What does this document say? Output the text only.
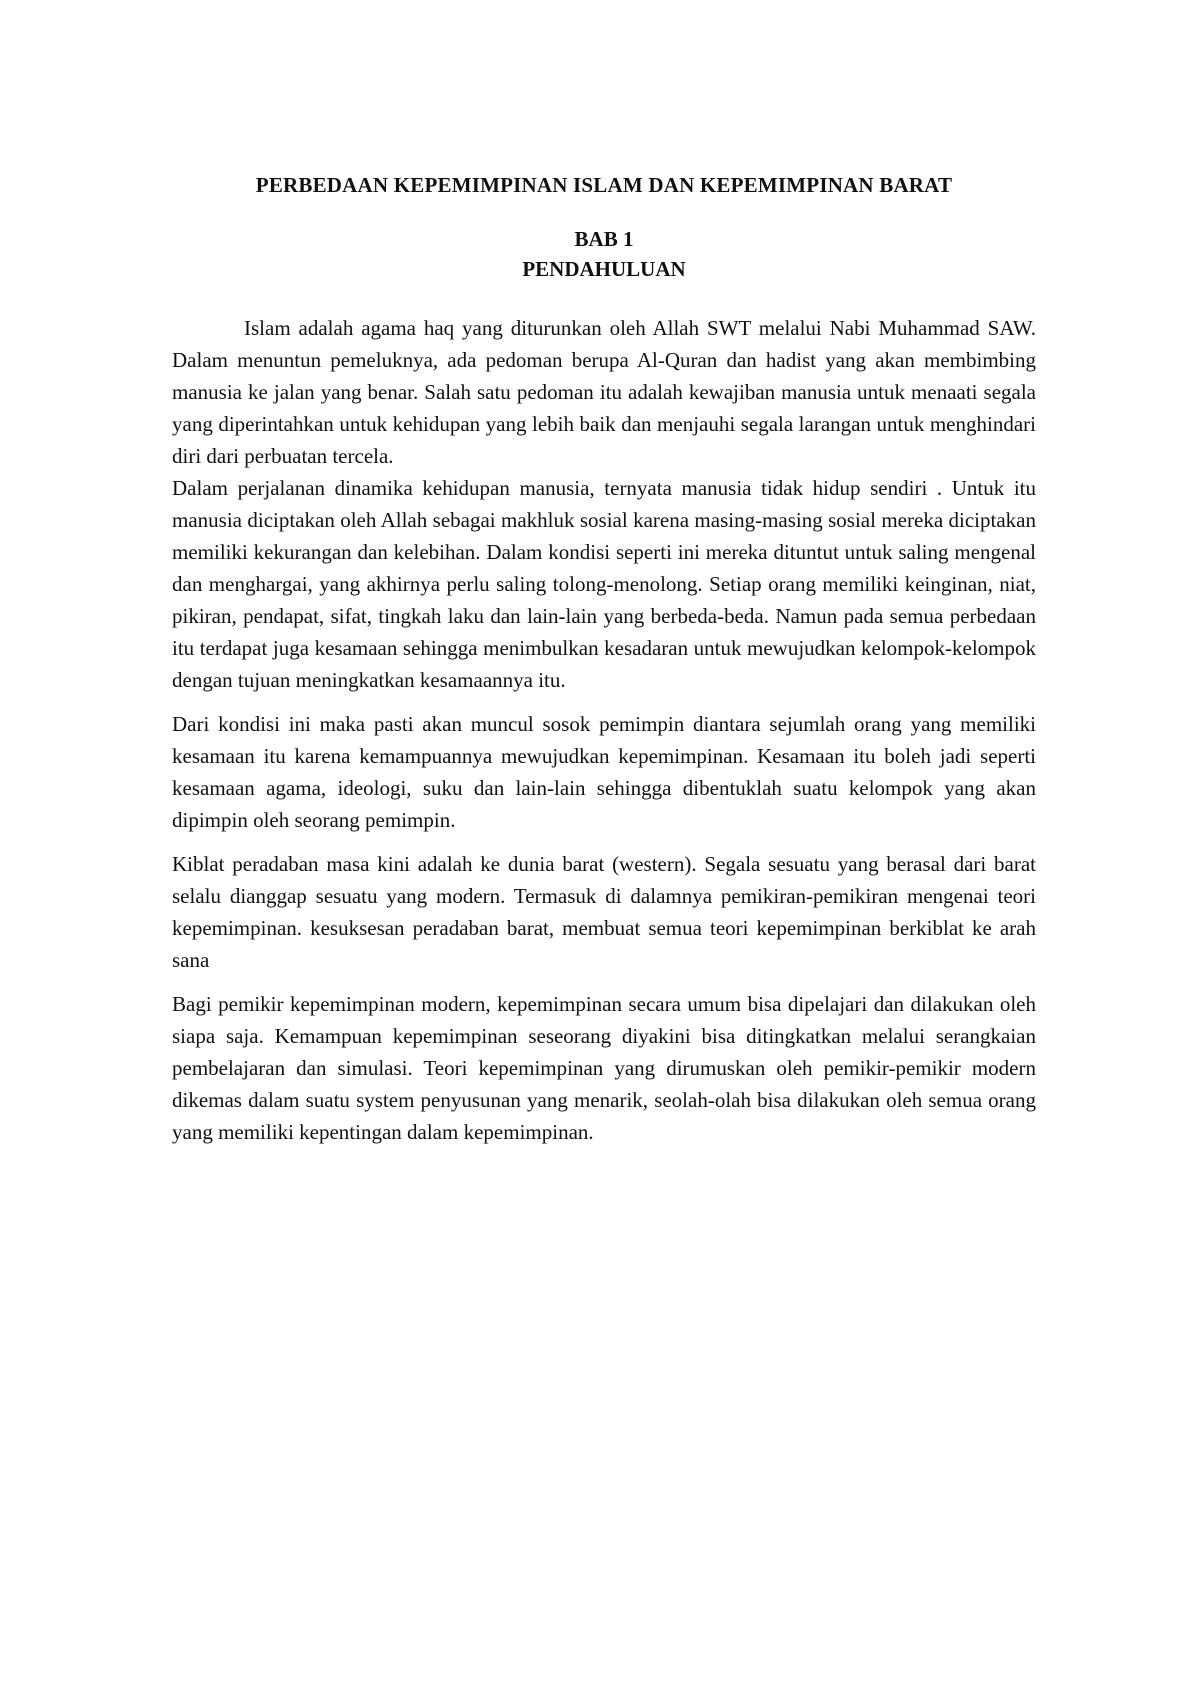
PERBEDAAN KEPEMIMPINAN ISLAM DAN KEPEMIMPINAN BARAT
BAB 1
PENDAHULUAN

Islam adalah agama haq yang diturunkan oleh Allah SWT melalui Nabi Muhammad SAW. Dalam menuntun pemeluknya, ada pedoman berupa Al-Quran dan hadist yang akan membimbing manusia ke jalan yang benar. Salah satu pedoman itu adalah kewajiban manusia untuk menaati segala yang diperintahkan untuk kehidupan yang lebih baik dan menjauhi segala larangan untuk menghindari diri dari perbuatan tercela.

Dalam perjalanan dinamika kehidupan manusia, ternyata manusia tidak hidup sendiri . Untuk itu manusia diciptakan oleh Allah sebagai makhluk sosial karena masing-masing sosial mereka diciptakan memiliki kekurangan dan kelebihan. Dalam kondisi seperti ini mereka dituntut untuk saling mengenal dan menghargai, yang akhirnya perlu saling tolong-menolong. Setiap orang memiliki keinginan, niat, pikiran, pendapat, sifat, tingkah laku dan lain-lain yang berbeda-beda. Namun pada semua perbedaan itu terdapat juga kesamaan sehingga menimbulkan kesadaran untuk mewujudkan kelompok-kelompok dengan tujuan meningkatkan kesamaannya itu.

Dari kondisi ini maka pasti akan muncul sosok pemimpin diantara sejumlah orang yang memiliki kesamaan itu karena kemampuannya mewujudkan kepemimpinan. Kesamaan itu boleh jadi seperti kesamaan agama, ideologi, suku dan lain-lain sehingga dibentuklah suatu kelompok yang akan dipimpin oleh seorang pemimpin.

Kiblat peradaban masa kini adalah ke dunia barat (western). Segala sesuatu yang berasal dari barat selalu dianggap sesuatu yang modern. Termasuk di dalamnya pemikiran-pemikiran mengenai teori kepemimpinan. kesuksesan peradaban barat, membuat semua teori kepemimpinan berkiblat ke arah sana

Bagi pemikir kepemimpinan modern, kepemimpinan secara umum bisa dipelajari dan dilakukan oleh siapa saja. Kemampuan kepemimpinan seseorang diyakini bisa ditingkatkan melalui serangkaian pembelajaran dan simulasi. Teori kepemimpinan yang dirumuskan oleh pemikir-pemikir modern dikemas dalam suatu system penyusunan yang menarik, seolah-olah bisa dilakukan oleh semua orang yang memiliki kepentingan dalam kepemimpinan.
